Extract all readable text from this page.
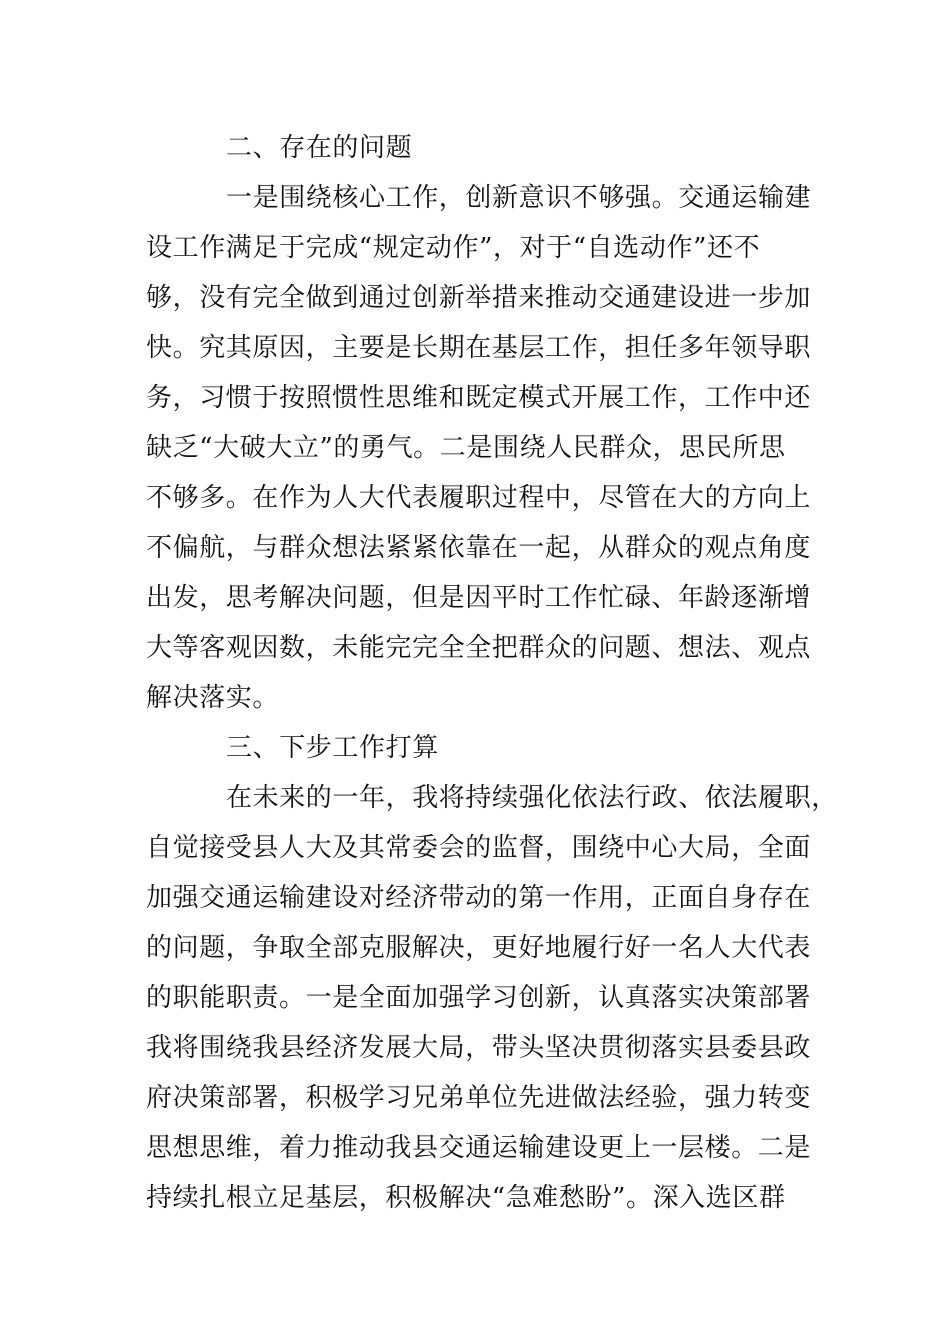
二、存在的问题
一是围绕核心工作，创新意识不够强。交通运输建
设工作满足于完成“规定动作”，对于“自选动作”还不
够，没有完全做到通过创新举措来推动交通建设进一步加
快。究其原因，主要是长期在基层工作，担任多年领导职
务，习惯于按照惯性思维和既定模式开展工作，工作中还
缺乏“大破大立”的勇气。二是围绕人民群众，思民所思
不够多。在作为人大代表履职过程中，尽管在大的方向上
不偏航，与群众想法紧紧依靠在一起，从群众的观点角度
出发，思考解决问题，但是因平时工作忙碌、年龄逐渐增
大等客观因数，未能完完全全把群众的问题、想法、观点
解决落实。
三、下步工作打算
在未来的一年，我将持续强化依法行政、依法履职，
自觉接受县人大及其常委会的监督，围绕中心大局，全面
加强交通运输建设对经济带动的第一作用，正面自身存在
的问题，争取全部克服解决，更好地履行好一名人大代表
的职能职责。一是全面加强学习创新，认真落实决策部署
我将围绕我县经济发展大局，带头坚决贯彻落实县委县政
府决策部署，积极学习兄弟单位先进做法经验，强力转变
思想思维，着力推动我县交通运输建设更上一层楼。二是
持续扎根立足基层，积极解决“急难愁盼”。深入选区群
